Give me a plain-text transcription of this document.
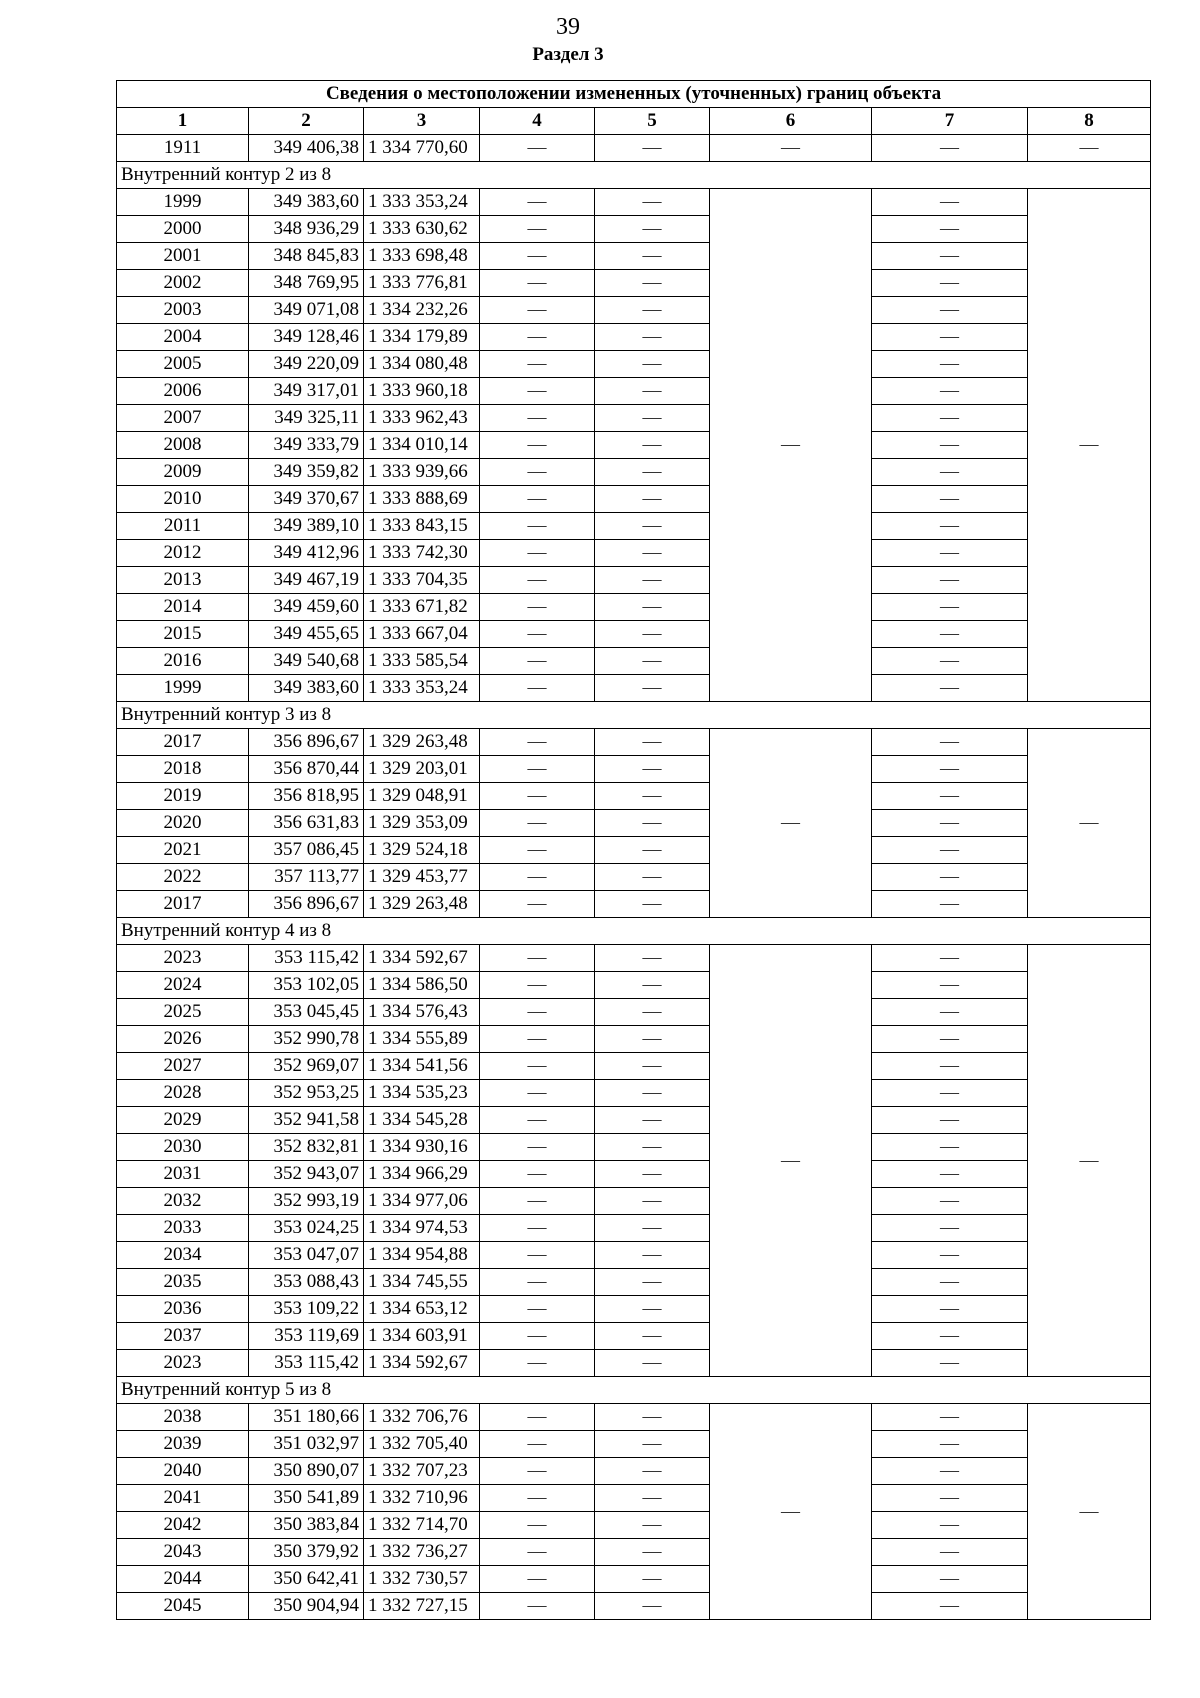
39
Раздел 3
Сведения о местоположении измененных (уточненных) границ объекта							
1	2	3	4	5	6	7	8
1911	349 406,38	1 334 770,60	—	—	—	—	—
Внутренний контур 2 из 8							
1999	349 383,60	1 333 353,24	—	—	—	—	—
2000	348 936,29	1 333 630,62	—	—		—	
2001	348 845,83	1 333 698,48	—	—		—	
2002	348 769,95	1 333 776,81	—	—		—	
2003	349 071,08	1 334 232,26	—	—		—	
2004	349 128,46	1 334 179,89	—	—		—	
2005	349 220,09	1 334 080,48	—	—		—	
2006	349 317,01	1 333 960,18	—	—		—	
2007	349 325,11	1 333 962,43	—	—		—	
2008	349 333,79	1 334 010,14	—	—		—	
2009	349 359,82	1 333 939,66	—	—		—	
2010	349 370,67	1 333 888,69	—	—		—	
2011	349 389,10	1 333 843,15	—	—		—	
2012	349 412,96	1 333 742,30	—	—		—	
2013	349 467,19	1 333 704,35	—	—		—	
2014	349 459,60	1 333 671,82	—	—		—	
2015	349 455,65	1 333 667,04	—	—		—	
2016	349 540,68	1 333 585,54	—	—		—	
1999	349 383,60	1 333 353,24	—	—		—	
Внутренний контур 3 из 8							
2017	356 896,67	1 329 263,48	—	—	—	—	—
2018	356 870,44	1 329 203,01	—	—		—	
2019	356 818,95	1 329 048,91	—	—		—	
2020	356 631,83	1 329 353,09	—	—		—	
2021	357 086,45	1 329 524,18	—	—		—	
2022	357 113,77	1 329 453,77	—	—		—	
2017	356 896,67	1 329 263,48	—	—		—	
Внутренний контур 4 из 8							
2023	353 115,42	1 334 592,67	—	—	—	—	—
2024	353 102,05	1 334 586,50	—	—		—	
2025	353 045,45	1 334 576,43	—	—		—	
2026	352 990,78	1 334 555,89	—	—		—	
2027	352 969,07	1 334 541,56	—	—		—	
2028	352 953,25	1 334 535,23	—	—		—	
2029	352 941,58	1 334 545,28	—	—		—	
2030	352 832,81	1 334 930,16	—	—		—	
2031	352 943,07	1 334 966,29	—	—		—	
2032	352 993,19	1 334 977,06	—	—		—	
2033	353 024,25	1 334 974,53	—	—		—	
2034	353 047,07	1 334 954,88	—	—		—	
2035	353 088,43	1 334 745,55	—	—		—	
2036	353 109,22	1 334 653,12	—	—		—	
2037	353 119,69	1 334 603,91	—	—		—	
2023	353 115,42	1 334 592,67	—	—		—	
Внутренний контур 5 из 8							
2038	351 180,66	1 332 706,76	—	—	—	—	—
2039	351 032,97	1 332 705,40	—	—		—	
2040	350 890,07	1 332 707,23	—	—		—	
2041	350 541,89	1 332 710,96	—	—		—	
2042	350 383,84	1 332 714,70	—	—		—	
2043	350 379,92	1 332 736,27	—	—		—	
2044	350 642,41	1 332 730,57	—	—		—	
2045	350 904,94	1 332 727,15	—	—		—	
